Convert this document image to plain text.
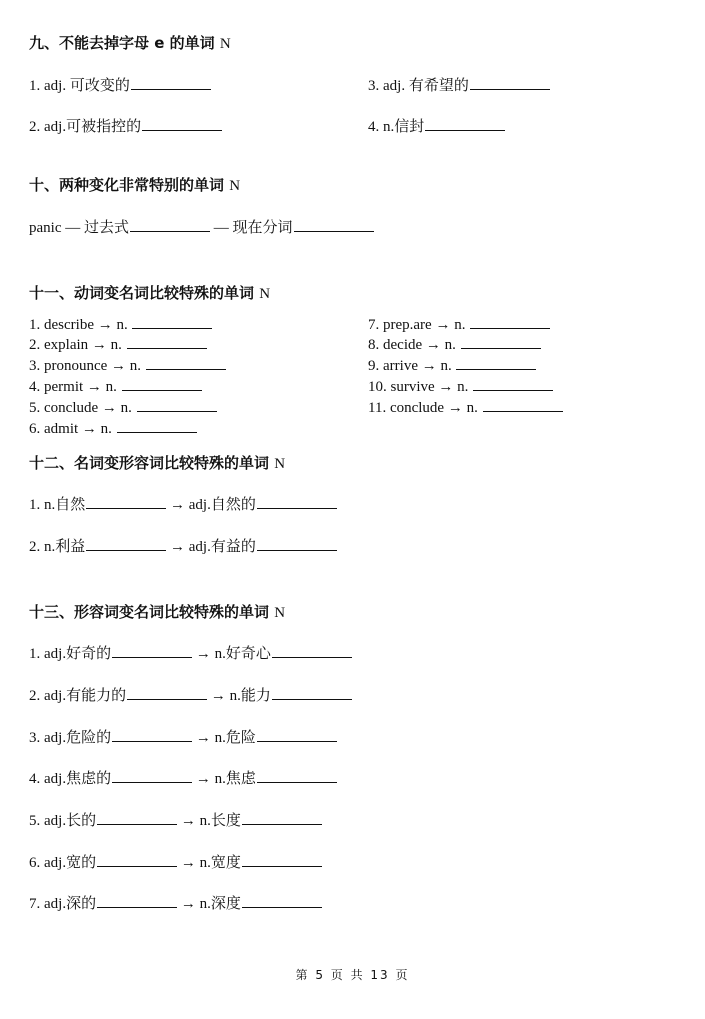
九、不能去掉字母 e 的单词 N
1. adj. 可改变的	3. adj. 有希望的
2. adj.可被指控的	4. n.信封
十、两种变化非常特别的单词 N
panic — 过去式	— 现在分词
十一、动词变名词比较特殊的单词 N
1. describe → n.
2. explain → n.
3. pronounce → n.
4. permit → n.
5. conclude → n.
6. admit → n.
7. prep.are → n.
8. decide → n.
9. arrive → n.
10. survive → n.
11. conclude → n.
十二、名词变形容词比较特殊的单词 N
1. n.自然	→ adj.自然的
2. n.利益	→ adj.有益的
十三、形容词变名词比较特殊的单词 N
1. adj.好奇的	→ n.好奇心
2. adj.有能力的	→ n.能力
3. adj.危险的	→ n.危险
4. adj.焦虑的	→ n.焦虑
5. adj.长的	→ n.长度
6. adj.宽的	→ n.宽度
7. adj.深的	→ n.深度
第 5 页 共 13 页
